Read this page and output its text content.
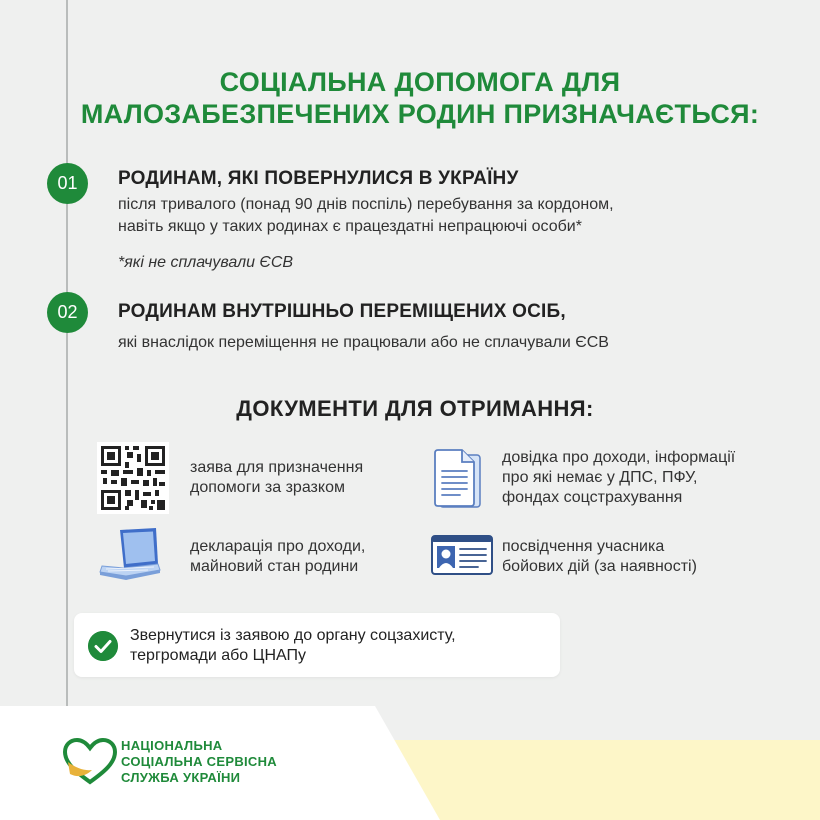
СОЦІАЛЬНА ДОПОМОГА ДЛЯ
МАЛОЗАБЕЗПЕЧЕНИХ РОДИН ПРИЗНАЧАЄТЬСЯ:
01	РОДИНАМ, ЯКІ ПОВЕРНУЛИСЯ В УКРАЇНУ
після тривалого (понад 90 днів поспіль) перебування за кордоном,
навіть якщо у таких родинах є працездатні непрацюючі особи*
*які не сплачували ЄСВ
02	РОДИНАМ ВНУТРІШНЬО ПЕРЕМІЩЕНИХ ОСІБ,
які внаслідок переміщення не працювали або не сплачували ЄСВ
ДОКУМЕНТИ ДЛЯ ОТРИМАННЯ:
заява для призначення
допомоги за зразком
довідка про доходи, інформації
про які немає у ДПС, ПФУ,
фондах соцстрахування
декларація про доходи,
майновий стан родини
посвідчення учасника
бойових дій (за наявності)
Звернутися із заявою до органу соцзахисту,
тергромади або ЦНАПу
НАЦІОНАЛЬНА
СОЦІАЛЬНА СЕРВІСНА
СЛУЖБА УКРАЇНИ
